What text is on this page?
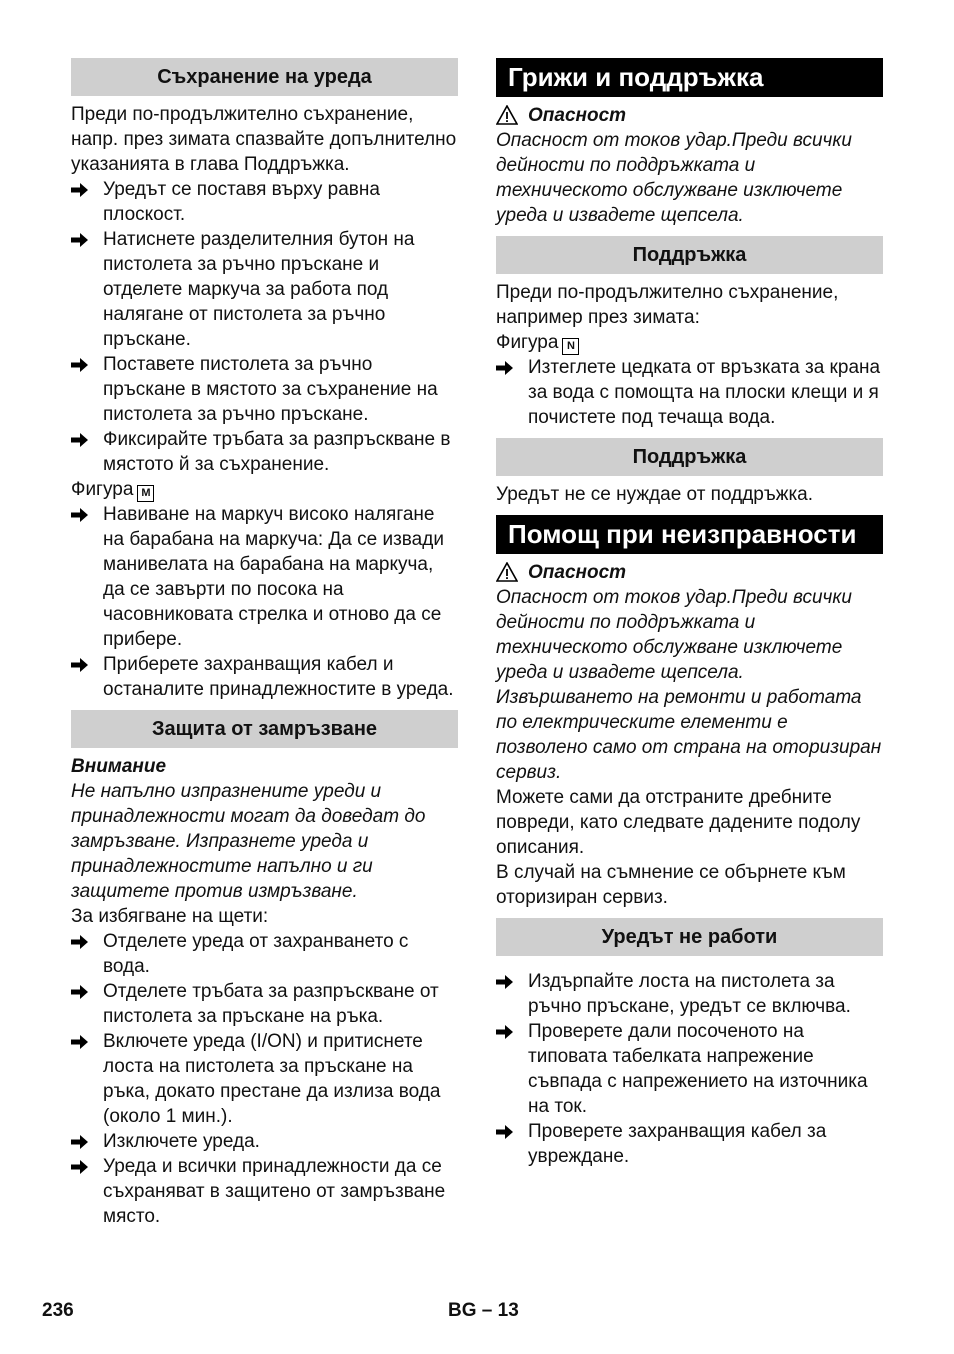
Съхранение на уреда

Преди по-продължително съхранение, напр. през зимата спазвайте допълнително указанията в глава Поддръжка.

Уредът се поставя върху равна плоскост.
Натиснете разделителния бутон на пистолета за ръчно пръскане и отделете маркуча за работа под налягане от пистолета за ръчно пръскане.
Поставете пистолета за ръчно пръскане в мястото за съхранение на пистолета за ръчно пръскане.
Фиксирайте тръбата за разпръскване в мястото й за съхранение.

Фигура M

Навиване на маркуч високо налягане на барабана на маркуча: Да се извади манивелата на барабана на маркуча, да се завърти по посока на часовниковата стрелка и отново да се прибере.
Приберете захранващия кабел и останалите принадлежностите в уреда.
Защита от замръзване

Внимание

Не напълно изпразнените уреди и принадлежности могат да доведат до замръзване. Изпразнете уреда и принадлежностите напълно и ги защитете против измръзване.

За избягване на щети:

Отделете уреда от захранването с вода.
Отделете тръбата за разпръскване от пистолета за пръскане на ръка.
Включете уреда (I/ON) и притиснете лоста на пистолета за пръскане на ръка, докато престане да излиза вода (около 1 мин.).
Изключете уреда.
Уреда и всички принадлежности да се съхраняват в защитено от замръзване място.
Грижи и поддръжка
Опасност

Опасност от токов удар.Преди всички дейности по поддръжката и техническото обслужване изключете уреда и извадете щепсела.

Поддръжка

Преди по-продължително съхранение, например през зимата:

Фигура N

Изтеглете цедката от връзката за крана за вода с помощта на плоски клещи и я почистете под течаща вода.
Поддръжка

Уредът не се нуждае от поддръжка.

Помощ при неизправности
Опасност

Опасност от токов удар.Преди всички дейности по поддръжката и техническото обслужване изключете уреда и извадете щепсела.

Извършването на ремонти и работата по електрическите елементи е позволено само от страна на оторизиран сервиз.

Можете сами да отстраните дребните повреди, като следвате дадените подолу описания.

В случай на съмнение се обърнете към оторизиран сервиз.

Уредът не работи
Издърпайте лоста на пистолета за ръчно пръскане, уредът се включва.
Проверете дали посоченото на типовата табелката напрежение съвпада с напрежението на източника на ток.
Проверете захранващия кабел за увреждане.
236	BG – 13
